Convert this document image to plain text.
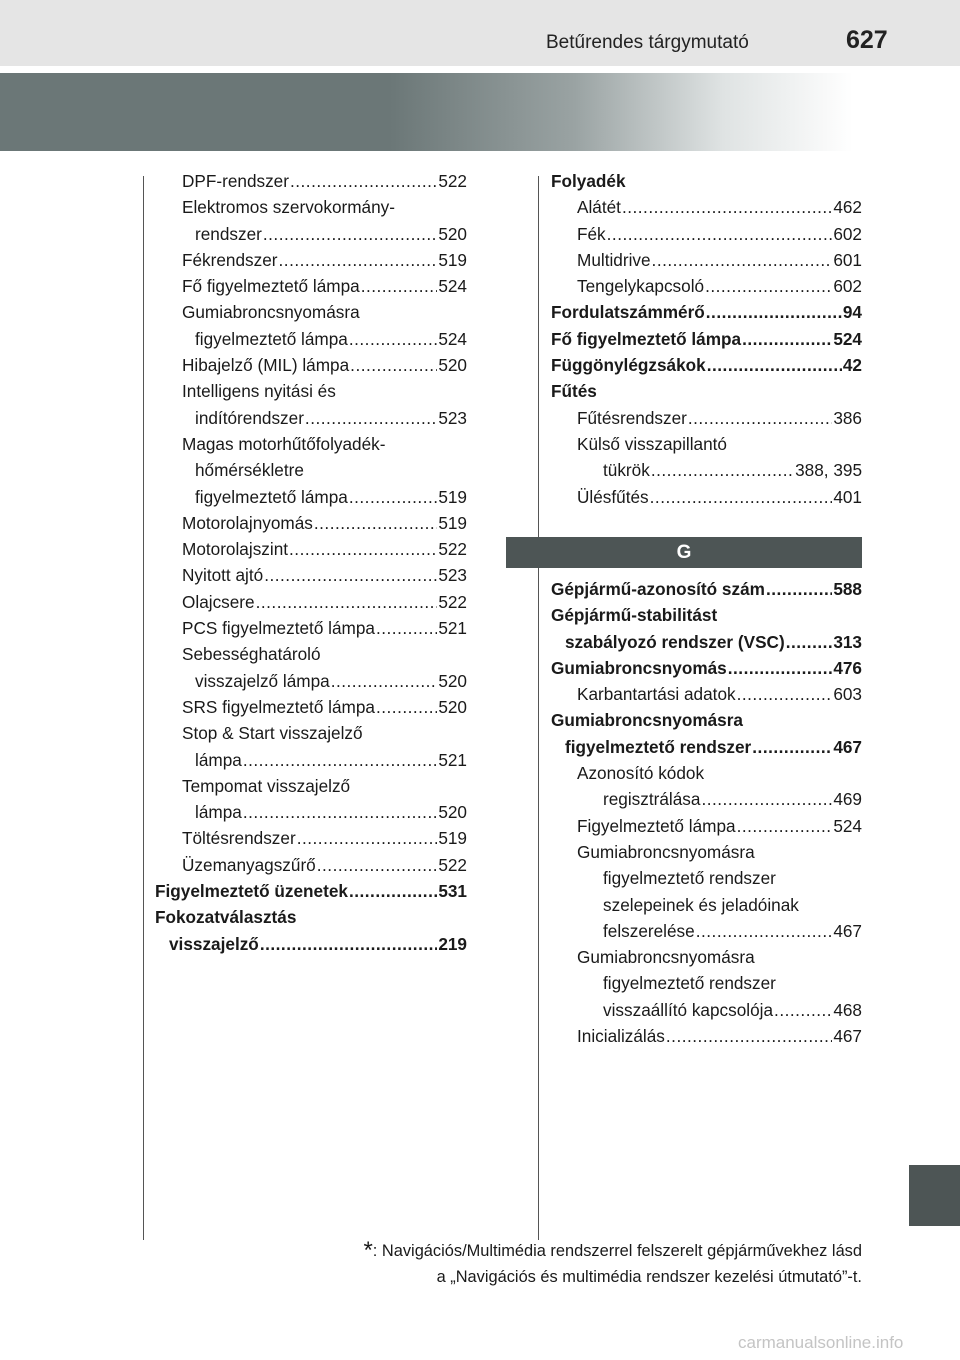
Betűrendes tárgymutató	627
DPF-rendszer .....	522
Elektromos szervokormány-
rendszer .....	520
Fékrendszer .....	519
Fő figyelmeztető lámpa .....	524
Gumiabroncsnyomásra
figyelmeztető lámpa .....	524
Hibajelző (MIL) lámpa .....	520
Intelligens nyitási és
indítórendszer .....	523
Magas motorhűtőfolyadék-
hőmérsékletre
figyelmeztető lámpa .....	519
Motorolajnyomás .....	519
Motorolajszint .....	522
Nyitott ajtó .....	523
Olajcsere .....	522
PCS figyelmeztető lámpa .....	521
Sebességhatároló
visszajelző lámpa .....	520
SRS figyelmeztető lámpa .....	520
Stop & Start visszajelző
lámpa .....	521
Tempomat visszajelző
lámpa .....	520
Töltésrendszer .....	519
Üzemanyagszűrő .....	522
Figyelmeztető üzenetek .....	531
Fokozatválasztás
visszajelző .....	219
Folyadék
Alátét .....	462
Fék .....	602
Multidrive .....	601
Tengelykapcsoló .....	602
Fordulatszámmérő .....	94
Fő figyelmeztető lámpa .....	524
Függönylégzsákok .....	42
Fűtés
Fűtésrendszer .....	386
Külső visszapillantó
tükrök .....	388, 395
Ülésfűtés .....	401
G
Gépjármű-azonosító szám .....	588
Gépjármű-stabilitást
szabályozó rendszer (VSC) .....	313
Gumiabroncsnyomás .....	476
Karbantartási adatok .....	603
Gumiabroncsnyomásra
figyelmeztető rendszer .....	467
Azonosító kódok
regisztrálása .....	469
Figyelmeztető lámpa .....	524
Gumiabroncsnyomásra
figyelmeztető rendszer
szelepeinek és jeladóinak
felszerelése .....	467
Gumiabroncsnyomásra
figyelmeztető rendszer
visszaállító kapcsolója .....	468
Inicializálás .....	467
*: Navigációs/Multimédia rendszerrel felszerelt gépjárművekhez lásd
a „Navigációs és multimédia rendszer kezelési útmutató”-t.
carmanualsonline.info
